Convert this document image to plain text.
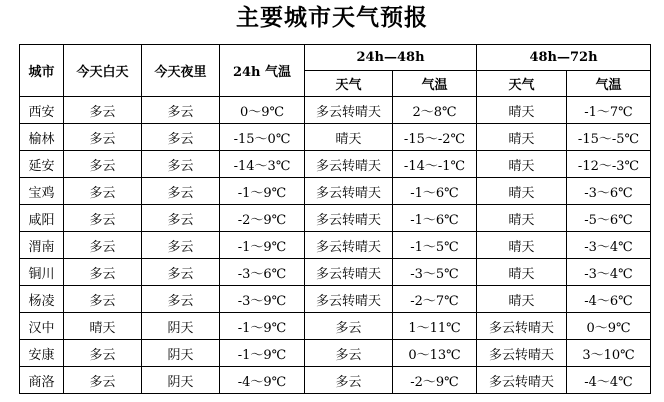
主要城市天气预报
城市	今天白天	今天夜里	24h 气温	24h—48h		48h—72h	
				天气	气温	天气	气温
西安	多云	多云	0～9℃	多云转晴天	2～8℃	晴天	-1～7℃
榆林	多云	多云	-15～0℃	晴天	-15～-2℃	晴天	-15～-5℃
延安	多云	多云	-14～3℃	多云转晴天	-14～-1℃	晴天	-12～-3℃
宝鸡	多云	多云	-1～9℃	多云转晴天	-1～6℃	晴天	-3～6℃
咸阳	多云	多云	-2～9℃	多云转晴天	-1～6℃	晴天	-5～6℃
渭南	多云	多云	-1～9℃	多云转晴天	-1～5℃	晴天	-3～4℃
铜川	多云	多云	-3～6℃	多云转晴天	-3～5℃	晴天	-3～4℃
杨凌	多云	多云	-3～9℃	多云转晴天	-2～7℃	晴天	-4～6℃
汉中	晴天	阴天	-1～9℃	多云	1～11℃	多云转晴天	0～9℃
安康	多云	阴天	-1～9℃	多云	0～13℃	多云转晴天	3～10℃
商洛	多云	阴天	-4～9℃	多云	-2～9℃	多云转晴天	-4～4℃
